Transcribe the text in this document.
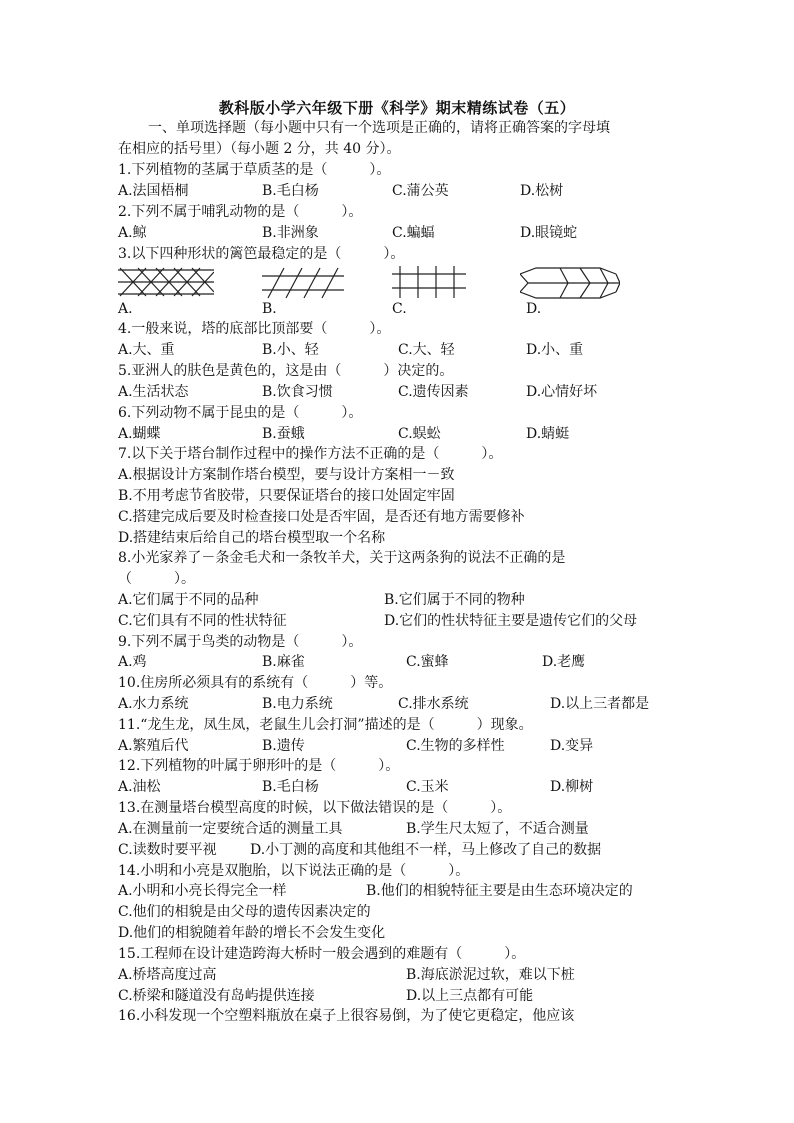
教科版小学六年级下册《科学》期末精练试卷（五）
一、单项选择题（每小题中只有一个选项是正确的，请将正确答案的字母填
在相应的括号里）（每小题 2 分，共 40 分）。
1.下列植物的茎属于草质茎的是（　　　）。
A.法国梧桐	B.毛白杨	C.蒲公英	D.松树
2.下列不属于哺乳动物的是（　　　）。
A.鲸	B.非洲象	C.蝙蝠	D.眼镜蛇
3.以下四种形状的篱笆最稳定的是（　　　）。
A.	B.	C.	D.
4.一般来说，塔的底部比顶部要（　　　）。
A.大、重	B.小、轻	C.大、轻	D.小、重
5.亚洲人的肤色是黄色的，这是由（　　　）决定的。
A.生活状态	B.饮食习惯	C.遗传因素	D.心情好坏
6.下列动物不属于昆虫的是（　　　）。
A.蝴蝶	B.蚕蛾	C.蜈蚣	D.蜻蜓
7.以下关于塔台制作过程中的操作方法不正确的是（　　　）。
A.根据设计方案制作塔台模型，要与设计方案相一－致
B.不用考虑节省胶带，只要保证塔台的接口处固定牢固
C.搭建完成后要及时检查接口处是否牢固，是否还有地方需要修补
D.搭建结束后给自己的塔台模型取一个名称
8.小光家养了－条金毛犬和一条牧羊犬，关于这两条狗的说法不正确的是
（　　　）。
A.它们属于不同的品种	B.它们属于不同的物种
C.它们具有不同的性状特征	D.它们的性状特征主要是遗传它们的父母
9.下列不属于鸟类的动物是（　　　）。
A.鸡	B.麻雀	C.蜜蜂	D.老鹰
10.住房所必须具有的系统有（　　　）等。
A.水力系统	B.电力系统	C.排水系统	D.以上三者都是
11.“龙生龙，凤生凤，老鼠生儿会打洞”描述的是（　　　）现象。
A.繁殖后代	B.遗传	C.生物的多样性	D.变异
12.下列植物的叶属于卵形叶的是（　　　）。
A.油松	B.毛白杨	C.玉米	D.柳树
13.在测量塔台模型高度的时候，以下做法错误的是（　　　）。
A.在测量前一定要统合适的测量工具	B.学生尺太短了，不适合测量
C.读数时要平视 D.小丁测的高度和其他组不一样，马上修改了自己的数据
14.小明和小亮是双胞胎，以下说法正确的是（　　　）。
A.小明和小亮长得完全一样	B.他们的相貌特征主要是由生态环境决定的
C.他们的相貌是由父母的遗传因素决定的
D.他们的相貌随着年龄的增长不会发生变化
15.工程师在设计建造跨海大桥时一般会遇到的难题有（　　　）。
A.桥塔高度过高	B.海底淤泥过软，难以下桩
C.桥梁和隧道没有岛屿提供连接	D.以上三点都有可能
16.小科发现一个空塑料瓶放在桌子上很容易倒，为了使它更稳定，他应该
